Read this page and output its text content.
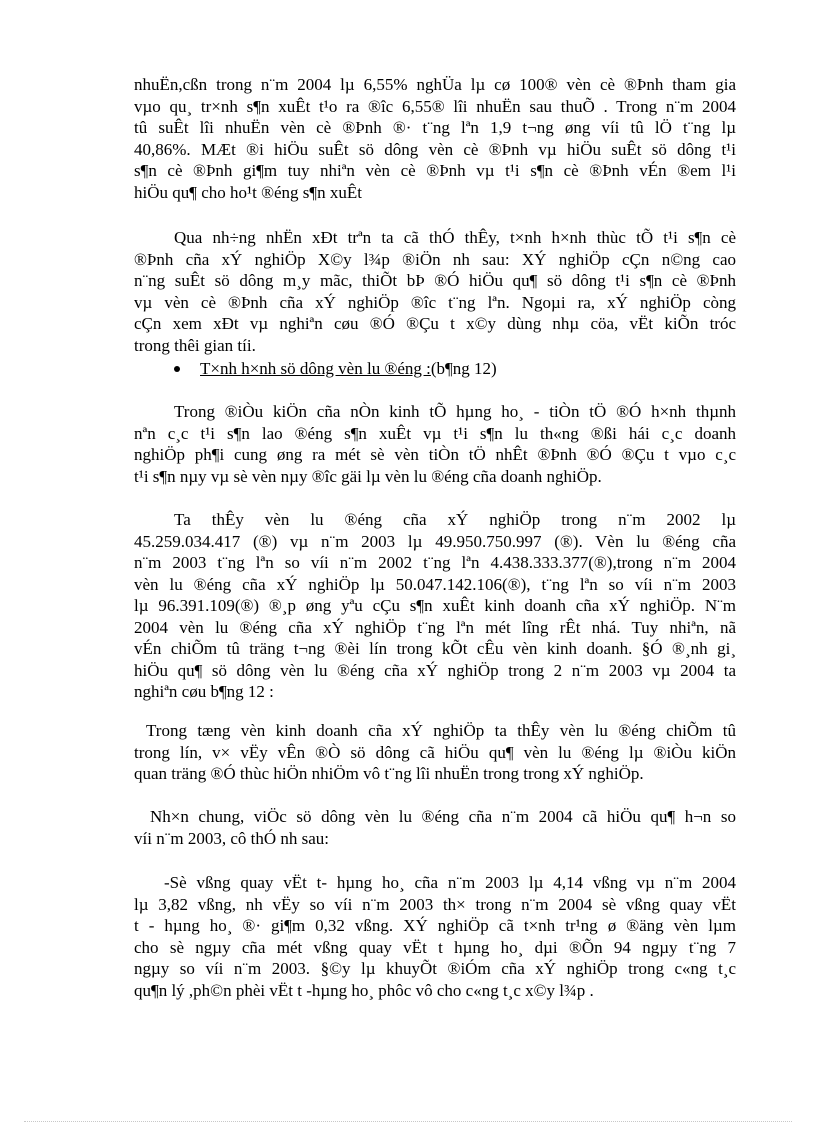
nhuËn,cßn trong n¨m 2004 lµ 6,55% nghÜa lµ cø 100® vèn cè ®Þnh tham gia
vµo qu¸ tr×nh s¶n xuÊt t¹o ra ®îc 6,55® lîi nhuËn sau thuÕ . Trong n¨m 2004
tû suÊt lîi nhuËn vèn cè ®Þnh ®· t¨ng lªn 1,9 t¬ng øng víi tû lÖ t¨ng lµ
40,86%. MÆt ®i hiÖu suÊt sö dông vèn cè ®Þnh vµ hiÖu suÊt sö dông t¹i
s¶n cè ®Þnh gi¶m tuy nhiªn vèn cè ®Þnh vµ t¹i s¶n cè ®Þnh vÉn ®em l¹i
hiÖu qu¶ cho ho¹t ®éng s¶n xuÊt
Qua nh÷ng nhËn xÐt trªn ta cã thÓ thÊy, t×nh h×nh thùc tÕ t¹i s¶n cè
®Þnh cña xÝ nghiÖp X©y l¾p ®iÖn nh sau: XÝ nghiÖp cÇn n©ng cao
n¨ng suÊt sö dông m¸y mãc, thiÕt bÞ ®Ó hiÖu qu¶ sö dông t¹i s¶n cè ®Þnh
vµ vèn cè ®Þnh cña xÝ nghiÖp ®îc t¨ng lªn. Ngoµi ra, xÝ nghiÖp còng
cÇn xem xÐt vµ nghiªn cøu ®Ó ®Çu t x©y dùng nhµ cöa, vËt kiÕn tróc
trong thêi gian tíi.
T×nh h×nh sö dông vèn lu ®éng :(b¶ng 12)
Trong ®iÒu kiÖn cña nÒn kinh tÕ hµng ho¸ - tiÒn tÖ ®Ó h×nh thµnh
nªn c¸c t¹i s¶n lao ®éng s¶n xuÊt vµ t¹i s¶n lu th«ng ®ßi hái c¸c doanh
nghiÖp ph¶i cung øng ra mét sè vèn tiÒn tÖ nhÊt ®Þnh ®Ó ®Çu t vµo c¸c
t¹i s¶n nµy vµ sè vèn nµy ®îc gäi lµ vèn lu ®éng cña doanh nghiÖp.
Ta thÊy vèn lu ®éng cña xÝ nghiÖp trong n¨m 2002 lµ
45.259.034.417 (®) vµ n¨m 2003 lµ 49.950.750.997 (®). Vèn lu ®éng cña
n¨m 2003 t¨ng lªn so víi n¨m 2002 t¨ng lªn 4.438.333.377(®),trong n¨m 2004
vèn lu ®éng cña xÝ nghiÖp lµ 50.047.142.106(®), t¨ng lªn so víi n¨m 2003
lµ 96.391.109(®) ®¸p øng yªu cÇu s¶n xuÊt kinh doanh cña xÝ nghiÖp. N¨m
2004 vèn lu ®éng cña xÝ nghiÖp t¨ng lªn mét lîng rÊt nhá. Tuy nhiªn, nã
vÉn chiÕm tû träng t¬ng ®èi lín trong kÕt cÊu vèn kinh doanh. §Ó ®¸nh gi¸
hiÖu qu¶ sö dông vèn lu ®éng cña xÝ nghiÖp trong 2 n¨m 2003 vµ 2004 ta
nghiªn cøu b¶ng 12 :
Trong tæng vèn kinh doanh cña xÝ nghiÖp ta thÊy vèn lu ®éng chiÕm tû
trong lín, v× vËy vÊn ®Ò sö dông cã hiÖu qu¶ vèn lu ®éng lµ ®iÒu kiÖn
quan träng ®Ó thùc hiÖn nhiÖm vô t¨ng lîi nhuËn trong trong xÝ nghiÖp.
Nh×n chung, viÖc sö dông vèn lu ®éng cña n¨m 2004 cã hiÖu qu¶ h¬n so
víi n¨m 2003, cô thÓ nh sau:
-Sè vßng quay vËt t- hµng ho¸ cña n¨m 2003 lµ 4,14 vßng vµ n¨m 2004
lµ 3,82 vßng, nh vËy so víi n¨m 2003 th× trong n¨m 2004 sè vßng quay vËt
t - hµng ho¸ ®· gi¶m 0,32 vßng. XÝ nghiÖp cã t×nh tr¹ng ø ®äng vèn lµm
cho sè ngµy cña mét vßng quay vËt t hµng ho¸ dµi ®Õn 94 ngµy t¨ng 7
ngµy so víi n¨m 2003. §©y lµ khuyÕt ®iÓm cña xÝ nghiÖp trong c«ng t¸c
qu¶n lý ,ph©n phèi vËt t -hµng ho¸ phôc vô cho c«ng t¸c x©y l¾p .
